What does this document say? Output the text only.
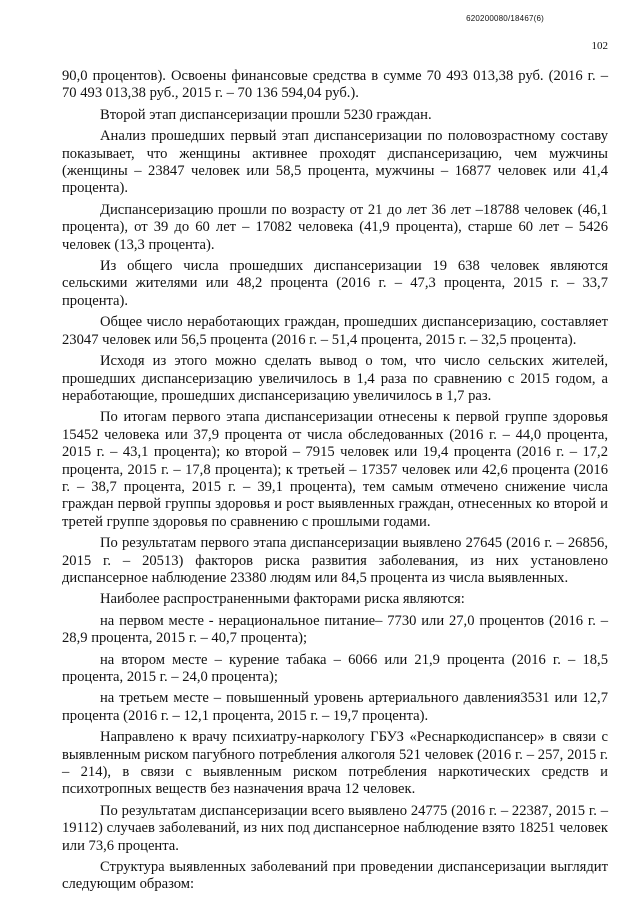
620200080/18467(6)
102

90,0 процентов). Освоены финансовые средства в сумме 70 493 013,38 руб. (2016 г. – 70 493 013,38 руб., 2015 г. – 70 136 594,04 руб.).

Второй этап диспансеризации прошли 5230 граждан.

Анализ прошедших первый этап диспансеризации по половозрастному составу показывает, что женщины активнее проходят диспансеризацию, чем мужчины (женщины – 23847 человек или 58,5 процента, мужчины – 16877 человек или 41,4 процента).

Диспансеризацию прошли по возрасту от 21 до лет 36 лет –18788 человек (46,1 процента), от 39 до 60 лет – 17082 человека (41,9 процента), старше 60 лет – 5426 человек (13,3 процента).

Из общего числа прошедших диспансеризации 19 638 человек являются сельскими жителями или 48,2 процента (2016 г. – 47,3 процента, 2015 г. – 33,7 процента).

Общее число неработающих граждан, прошедших диспансеризацию, составляет 23047 человек или 56,5 процента (2016 г. – 51,4 процента, 2015 г. – 32,5 процента).

Исходя из этого можно сделать вывод о том, что число сельских жителей, прошедших диспансеризацию увеличилось в 1,4 раза по сравнению с 2015 годом, а неработающие, прошедших диспансеризацию увеличилось в 1,7 раз.

По итогам первого этапа диспансеризации отнесены к первой группе здоровья 15452 человека или 37,9 процента от числа обследованных (2016 г. – 44,0 процента, 2015 г. – 43,1 процента); ко второй – 7915 человек или 19,4 процента (2016 г. – 17,2 процента, 2015 г. – 17,8 процента); к третьей – 17357 человек или 42,6 процента (2016 г. – 38,7 процента, 2015 г. – 39,1 процента), тем самым отмечено снижение числа граждан первой группы здоровья и рост выявленных граждан, отнесенных ко второй и третей группе здоровья по сравнению с прошлыми годами.

По результатам первого этапа диспансеризации выявлено 27645 (2016 г. – 26856, 2015 г. – 20513) факторов риска развития заболевания, из них установлено диспансерное наблюдение 23380 людям или 84,5 процента из числа выявленных.

Наиболее распространенными факторами риска являются:

на первом месте - нерациональное питание– 7730 или 27,0 процентов (2016 г. – 28,9 процента, 2015 г. – 40,7 процента);

на втором месте – курение табака – 6066 или 21,9 процента (2016 г. – 18,5 процента, 2015 г. – 24,0 процента);

на третьем месте – повышенный уровень артериального давления3531 или 12,7 процента (2016 г. – 12,1 процента, 2015 г. – 19,7 процента).

Направлено к врачу психиатру-наркологу ГБУЗ «Реснаркодиспансер» в связи с выявленным риском пагубного потребления алкоголя 521 человек (2016 г. – 257, 2015 г. – 214), в связи с выявленным риском потребления наркотических средств и психотропных веществ без назначения врача 12 человек.

По результатам диспансеризации всего выявлено 24775 (2016 г. – 22387, 2015 г. – 19112) случаев заболеваний, из них под диспансерное наблюдение взято 18251 человек или 73,6 процента.

Структура выявленных заболеваний при проведении диспансеризации выглядит следующим образом:
